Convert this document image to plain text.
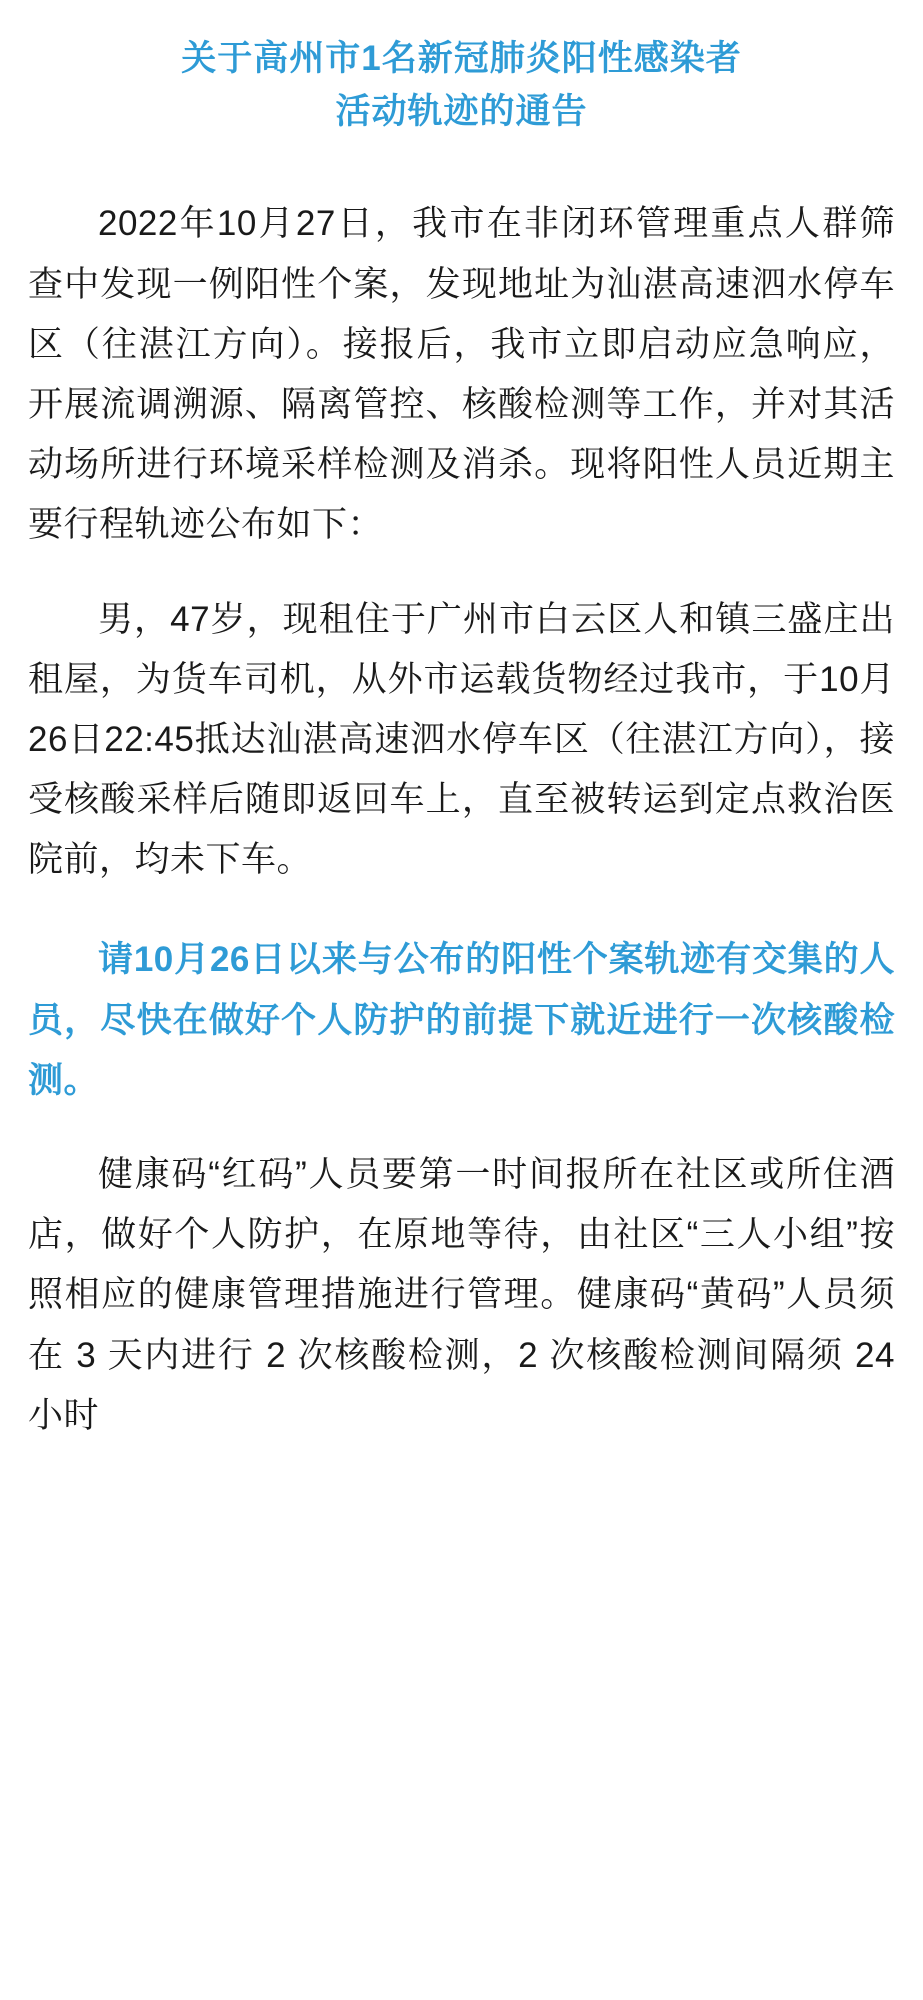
关于高州市1名新冠肺炎阳性感染者
活动轨迹的通告

2022年10月27日，我市在非闭环管理重点人群筛查中发现一例阳性个案，发现地址为汕湛高速泗水停车区（往湛江方向）。接报后，我市立即启动应急响应，开展流调溯源、隔离管控、核酸检测等工作，并对其活动场所进行环境采样检测及消杀。现将阳性人员近期主要行程轨迹公布如下：

男，47岁，现租住于广州市白云区人和镇三盛庄出租屋，为货车司机，从外市运载货物经过我市，于10月26日22:45抵达汕湛高速泗水停车区（往湛江方向），接受核酸采样后随即返回车上，直至被转运到定点救治医院前，均未下车。

请10月26日以来与公布的阳性个案轨迹有交集的人员，尽快在做好个人防护的前提下就近进行一次核酸检测。

健康码“红码”人员要第一时间报所在社区或所住酒店，做好个人防护，在原地等待，由社区“三人小组”按照相应的健康管理措施进行管理。健康码“黄码”人员须在 3 天内进行 2 次核酸检测，2 次核酸检测间隔须 24 小时
